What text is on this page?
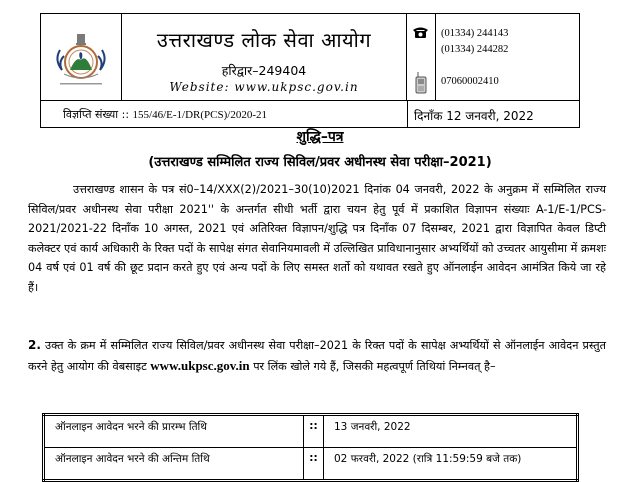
उत्तराखण्ड लोक सेवा आयोग
हरिद्वार–249404
Website: www.ukpsc.gov.in
(01334) 244143
(01334) 244282
07060002410
विज्ञप्ति संख्या :: 155/46/E-1/DR(PCS)/2020-21	दिनाँक 12 जनवरी, 2022
शुद्धि–पत्र
(उत्तराखण्ड सम्मिलित राज्य सिविल/प्रवर अधीनस्थ सेवा परीक्षा–2021)
उत्तराखण्ड शासन के पत्र सं0–14/XXX(2)/2021–30(10)2021 दिनांक 04 जनवरी, 2022 के अनुक्रम में सम्मिलित राज्य सिविल/प्रवर अधीनस्थ सेवा परीक्षा 2021'' के अन्तर्गत सीधी भर्ती द्वारा चयन हेतु पूर्व में प्रकाशित विज्ञापन संख्याः A-1/E-1/PCS-2021/2021-22 दिनाँक 10 अगस्त, 2021 एवं अतिरिक्त विज्ञापन/शुद्धि पत्र दिनाँक 07 दिसम्बर, 2021 द्वारा विज्ञापित केवल डिप्टी कलेक्टर एवं कार्य अधिकारी के रिक्त पदों के सापेक्ष संगत सेवानियमावली में उल्लिखित प्राविधानानुसार अभ्यर्थियों को उच्चतर आयुसीमा में क्रमशः 04 वर्ष एवं 01 वर्ष की छूट प्रदान करते हुए एवं अन्य पदों के लिए समस्त शर्तो को यथावत रखते हुए ऑनलाईन आवेदन आमंत्रित किये जा रहे हैं।
2. उक्त के क्रम में सम्मिलित राज्य सिविल/प्रवर अधीनस्थ सेवा परीक्षा–2021 के रिक्त पदों के सापेक्ष अभ्यर्थियों से ऑनलाईन आवेदन प्रस्तुत करने हेतु आयोग की वेबसाइट www.ukpsc.gov.in पर लिंक खोले गये हैं, जिसकी महत्वपूर्ण तिथियां निम्नवत् है–
ऑनलाइन आवेदन भरने की प्रारम्भ तिथि	::	13 जनवरी, 2022
ऑनलाइन आवेदन भरने की अन्तिम तिथि	::	02 फरवरी, 2022 (रात्रि 11:59:59 बजे तक)
